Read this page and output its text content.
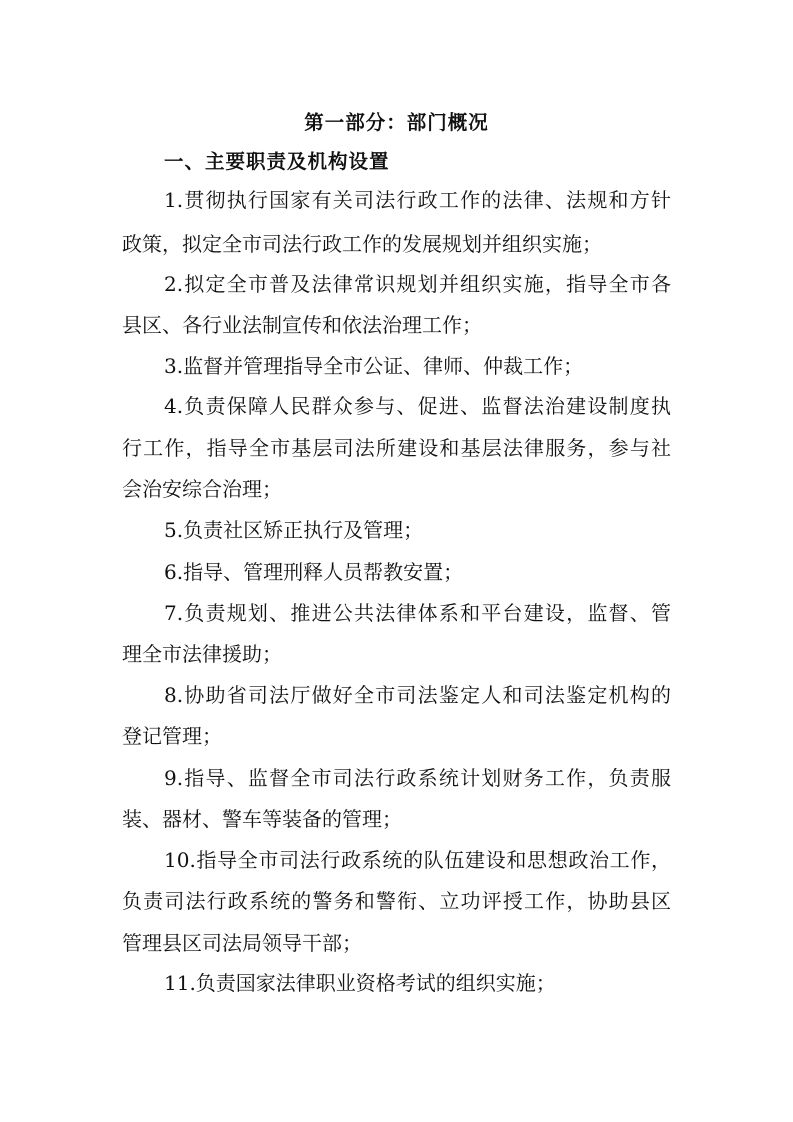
第一部分：部门概况
一、主要职责及机构设置
1.贯彻执行国家有关司法行政工作的法律、法规和方针
政策，拟定全市司法行政工作的发展规划并组织实施；
2.拟定全市普及法律常识规划并组织实施，指导全市各
县区、各行业法制宣传和依法治理工作；
3.监督并管理指导全市公证、律师、仲裁工作；
4.负责保障人民群众参与、促进、监督法治建设制度执
行工作，指导全市基层司法所建设和基层法律服务，参与社
会治安综合治理；
5.负责社区矫正执行及管理；
6.指导、管理刑释人员帮教安置；
7.负责规划、推进公共法律体系和平台建设，监督、管
理全市法律援助；
8.协助省司法厅做好全市司法鉴定人和司法鉴定机构的
登记管理；
9.指导、监督全市司法行政系统计划财务工作，负责服
装、器材、警车等装备的管理；
10.指导全市司法行政系统的队伍建设和思想政治工作，
负责司法行政系统的警务和警衔、立功评授工作，协助县区
管理县区司法局领导干部；
11.负责国家法律职业资格考试的组织实施；
